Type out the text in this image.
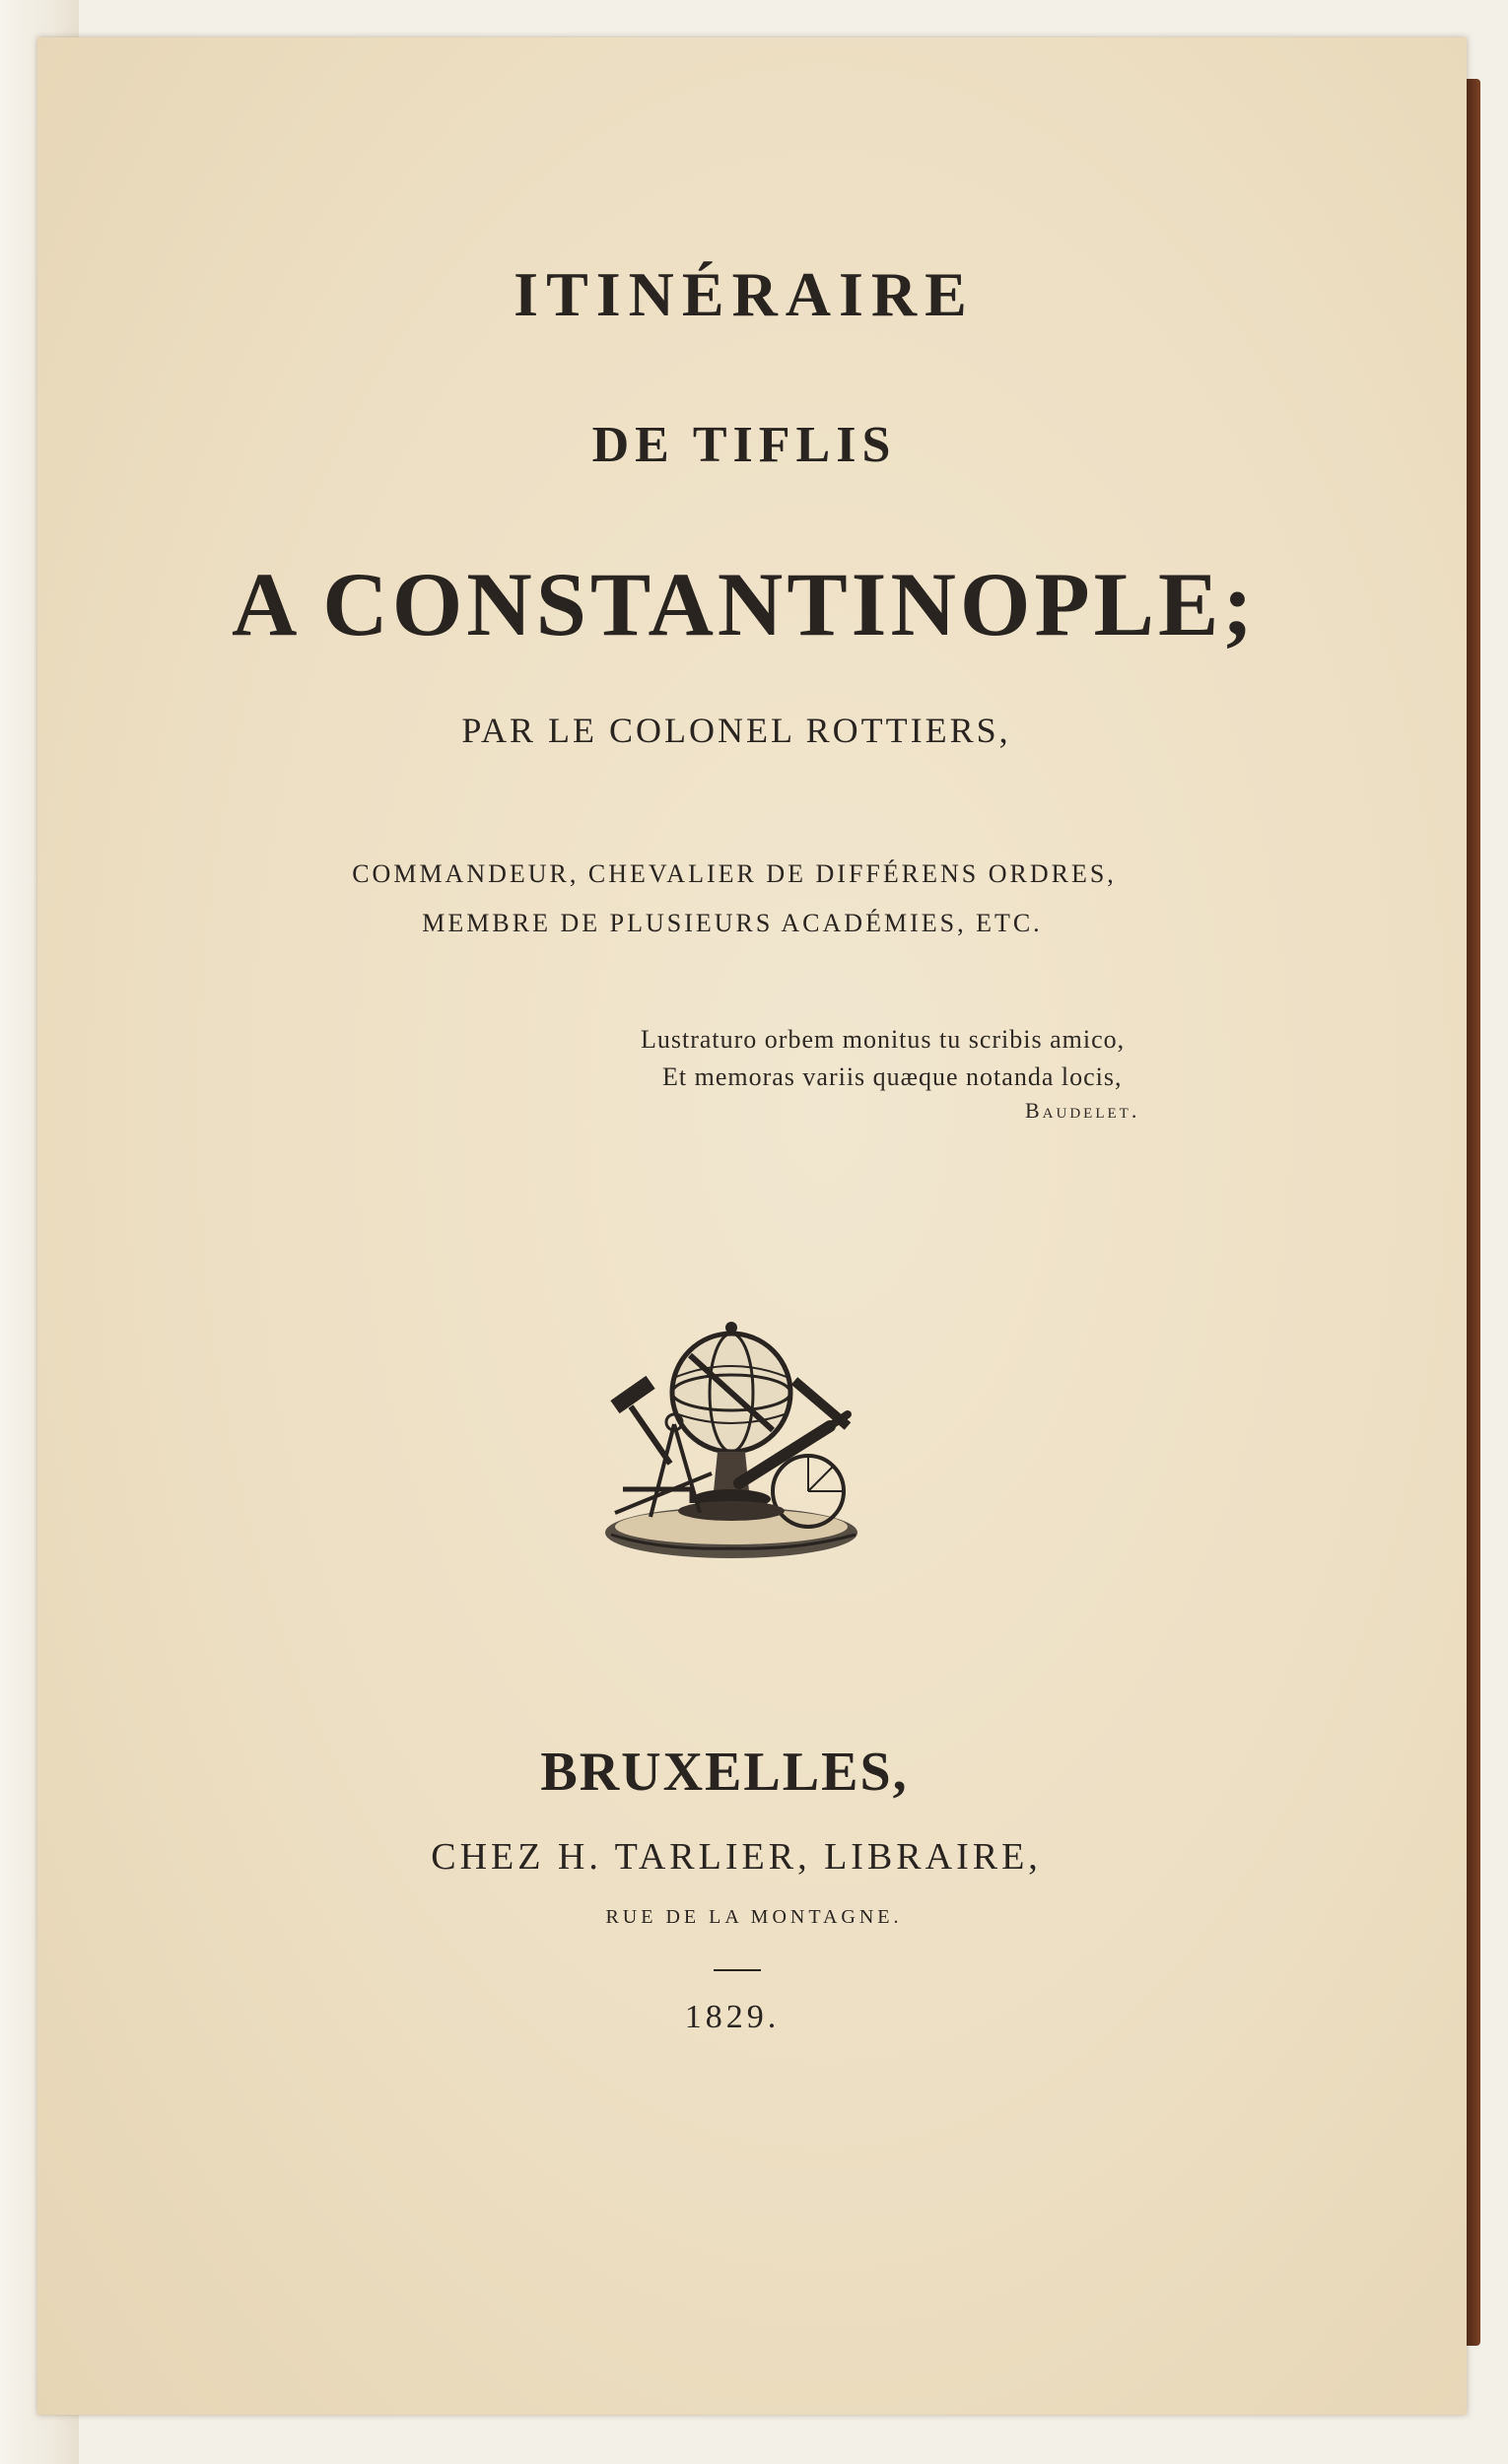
ITINÉRAIRE
DE TIFLIS
A CONSTANTINOPLE;
PAR LE COLONEL ROTTIERS,
COMMANDEUR, CHEVALIER DE DIFFÉRENS ORDRES,
MEMBRE DE PLUSIEURS ACADÉMIES, ETC.
Lustraturo orbem monitus tu scribis amico,
Et memoras variis quæque notanda locis,
Baudelet.
BRUXELLES,
CHEZ H. TARLIER, LIBRAIRE,
RUE DE LA MONTAGNE.
1829.
